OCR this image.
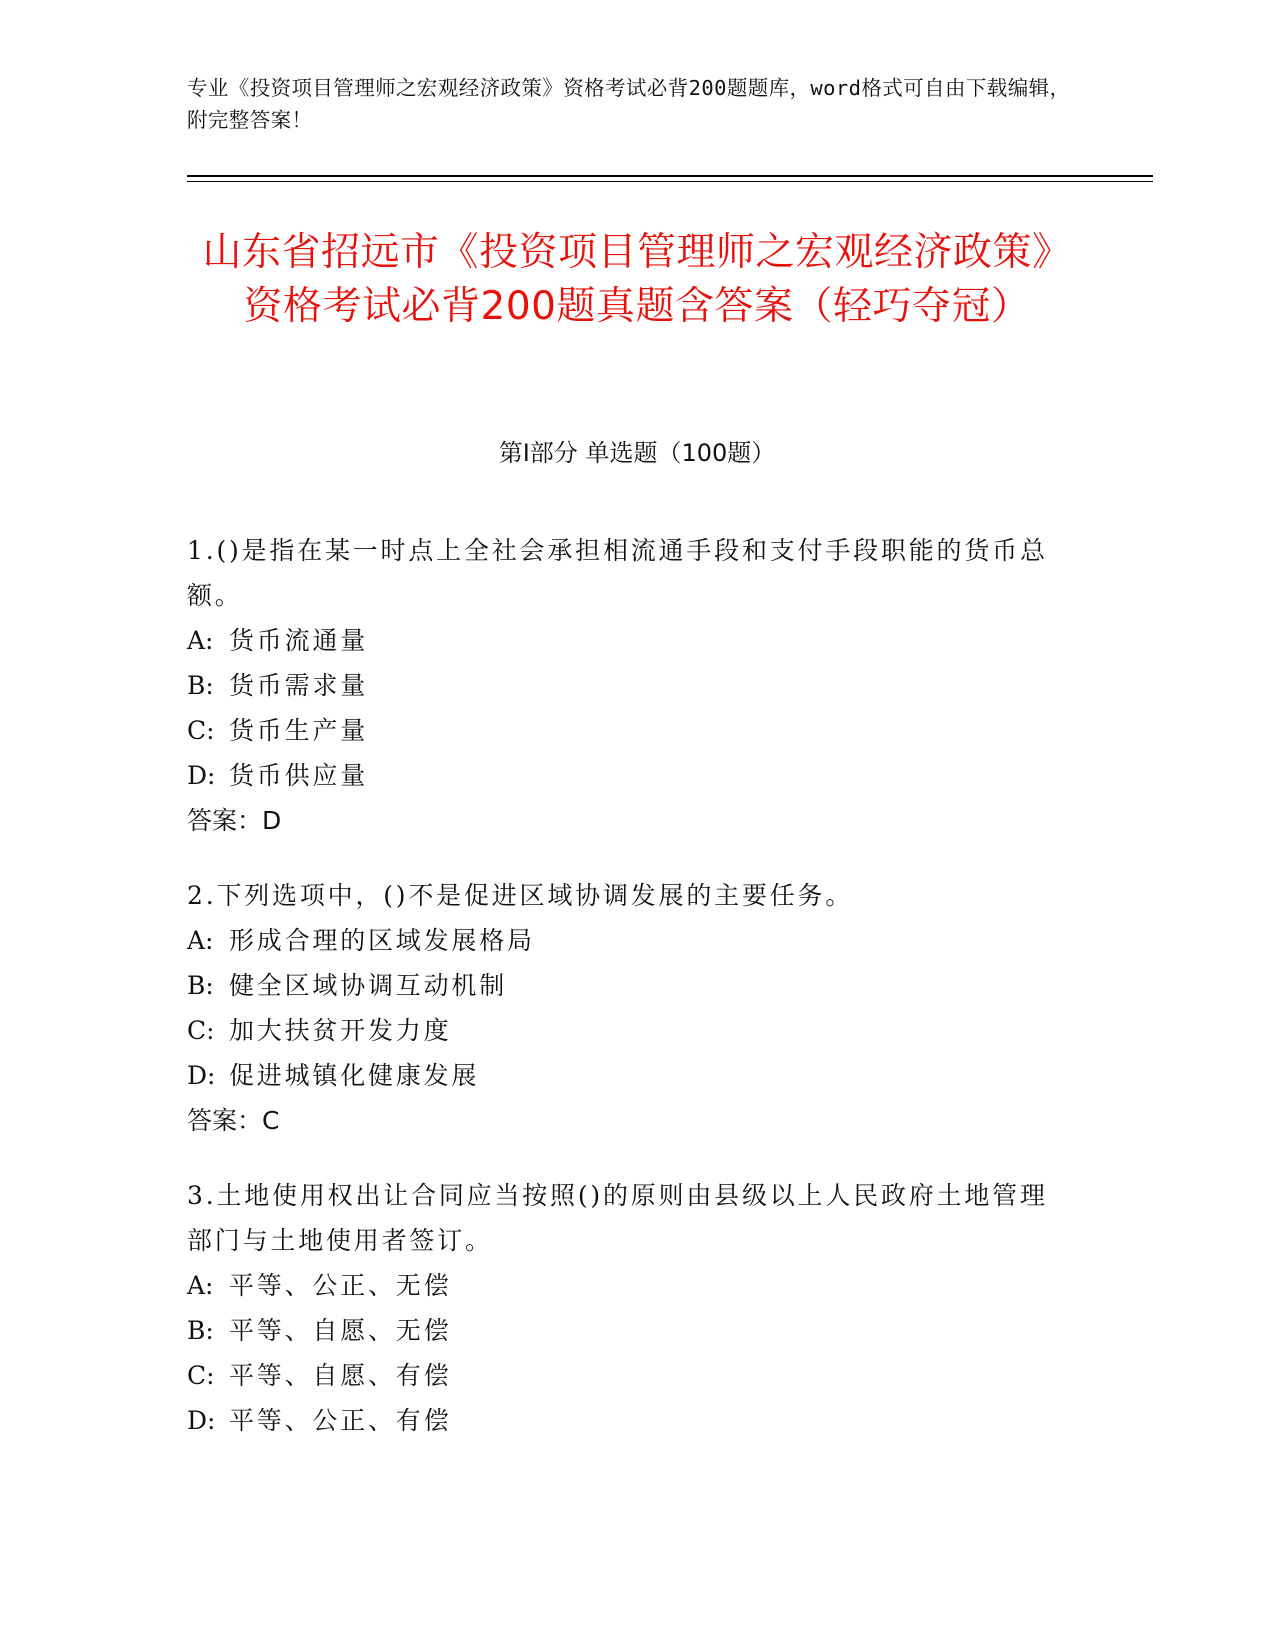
专业《投资项目管理师之宏观经济政策》资格考试必背200题题库，word格式可自由下载编辑，附完整答案！
山东省招远市《投资项目管理师之宏观经济政策》资格考试必背200题真题含答案（轻巧夺冠）
第I部分 单选题（100题）
1.()是指在某一时点上全社会承担相流通手段和支付手段职能的货币总额。
A: 货币流通量
B: 货币需求量
C: 货币生产量
D: 货币供应量
答案：D
2.下列选项中，()不是促进区域协调发展的主要任务。
A: 形成合理的区域发展格局
B: 健全区域协调互动机制
C: 加大扶贫开发力度
D: 促进城镇化健康发展
答案：C
3.土地使用权出让合同应当按照()的原则由县级以上人民政府土地管理部门与土地使用者签订。
A: 平等、公正、无偿
B: 平等、自愿、无偿
C: 平等、自愿、有偿
D: 平等、公正、有偿
